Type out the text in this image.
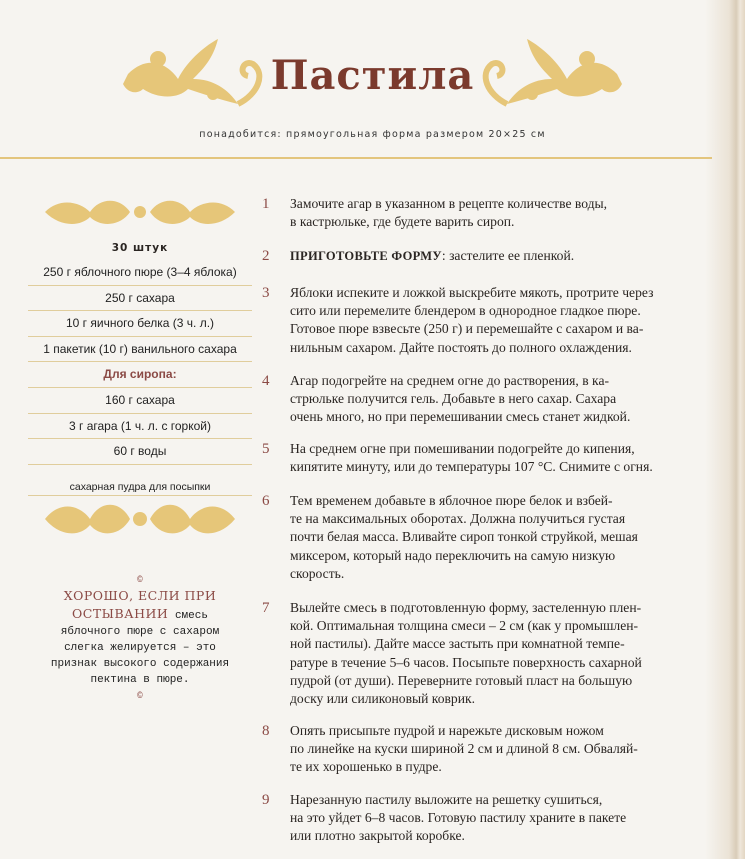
Пастила
понадобится: прямоугольная форма размером 20×25 см
30 штук
250 г яблочного пюре (3–4 яблока)
250 г сахара
10 г яичного белка (3 ч. л.)
1 пакетик (10 г) ванильного сахара
Для сиропа:
160 г сахара
3 г агара (1 ч. л. с горкой)
60 г воды
сахарная пудра для посыпки
©
ХОРОШО, ЕСЛИ ПРИ ОСТЫВАНИИ смесь яблочного пюре с сахаром слегка желируется – это признак высокого содержания пектина в пюре.
©
1 Замочите агар в указанном в рецепте количестве воды,
в кастрюльке, где будете варить сироп.
2 ПРИГОТОВЬТЕ ФОРМУ: застелите ее пленкой.
3 Яблоки испеките и ложкой выскребите мякоть, протрите через
сито или перемелите блендером в однородное гладкое пюре.
Готовое пюре взвесьте (250 г) и перемешайте с сахаром и ва-
нильным сахаром. Дайте постоять до полного охлаждения.
4 Агар подогрейте на среднем огне до растворения, в ка-
стрюльке получится гель. Добавьте в него сахар. Сахара
очень много, но при перемешивании смесь станет жидкой.
5 На среднем огне при помешивании подогрейте до кипения,
кипятите минуту, или до температуры 107 °C. Снимите с огня.
6 Тем временем добавьте в яблочное пюре белок и взбей-
те на максимальных оборотах. Должна получиться густая
почти белая масса. Вливайте сироп тонкой струйкой, мешая
миксером, который надо переключить на самую низкую
скорость.
7 Вылейте смесь в подготовленную форму, застеленную плен-
кой. Оптимальная толщина смеси – 2 см (как у промышлен-
ной пастилы). Дайте массе застыть при комнатной темпе-
ратуре в течение 5–6 часов. Посыпьте поверхность сахарной
пудрой (от души). Переверните готовый пласт на большую
доску или силиконовый коврик.
8 Опять присыпьте пудрой и нарежьте дисковым ножом
по линейке на куски шириной 2 см и длиной 8 см. Обваляй-
те их хорошенько в пудре.
9 Нарезанную пастилу выложите на решетку сушиться,
на это уйдет 6–8 часов. Готовую пастилу храните в пакете
или плотно закрытой коробке.
